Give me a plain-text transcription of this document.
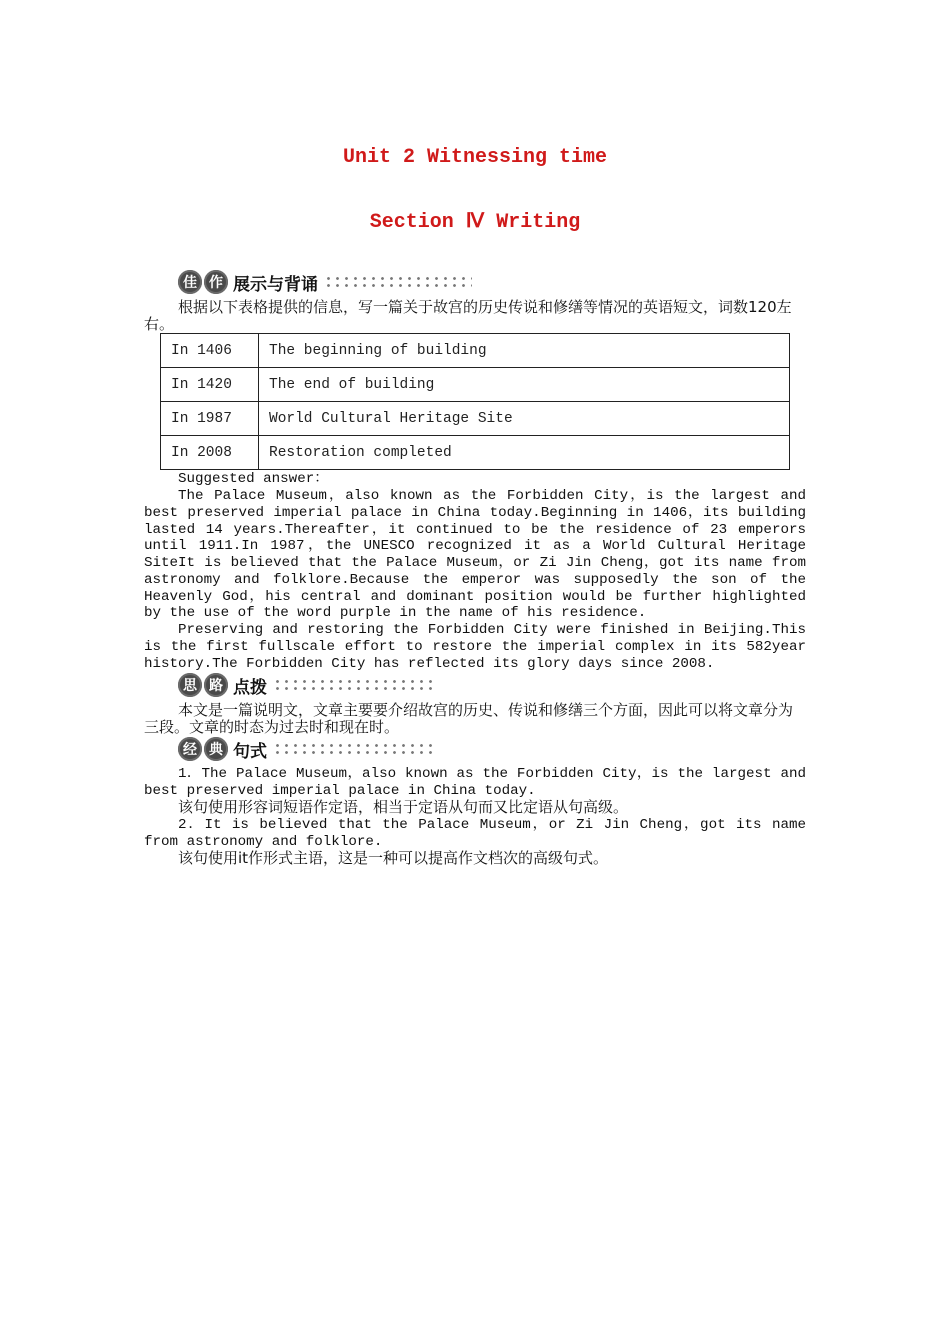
Unit 2 Witnessing time
Section Ⅳ Writing
佳 作 展示与背诵
根据以下表格提供的信息，写一篇关于故宫的历史传说和修缮等情况的英语短文，词数120左右。
In 1406	The beginning of building
In 1420	The end of building
In 1987	World Cultural Heritage Site
In 2008	Restoration completed
Suggested answer：
The Palace Museum，also known as the Forbidden City，is the largest and best preserved imperial palace in China today.Beginning in 1406，its building lasted 14 years.Thereafter，it continued to be the residence of 23 emperors until 1911.In 1987，the UNESCO recognized it as a World Cultural Heritage Site.
It is believed that the Palace Museum，or Zi Jin Cheng，got its name from astronomy and folklore.Because the emperor was supposedly the son of the Heavenly God，his central and dominant position would be further highlighted by the use of the word purple in the name of his residence.
Preserving and restoring the Forbidden City were finished in Beijing.This is the first fullscale effort to restore the imperial complex in its 582year history.The Forbidden City has reflected its glory days since 2008.
思 路 点拨
本文是一篇说明文，文章主要要介绍故宫的历史、传说和修缮三个方面，因此可以将文章分为三段。文章的时态为过去时和现在时。
经 典 句式
1．The Palace Museum，also known as the Forbidden City，is the largest and best preserved imperial palace in China today.
该句使用形容词短语作定语，相当于定语从句而又比定语从句高级。
2．It is believed that the Palace Museum，or Zi Jin Cheng，got its name from astronomy and folklore.
该句使用it作形式主语，这是一种可以提高作文档次的高级句式。
